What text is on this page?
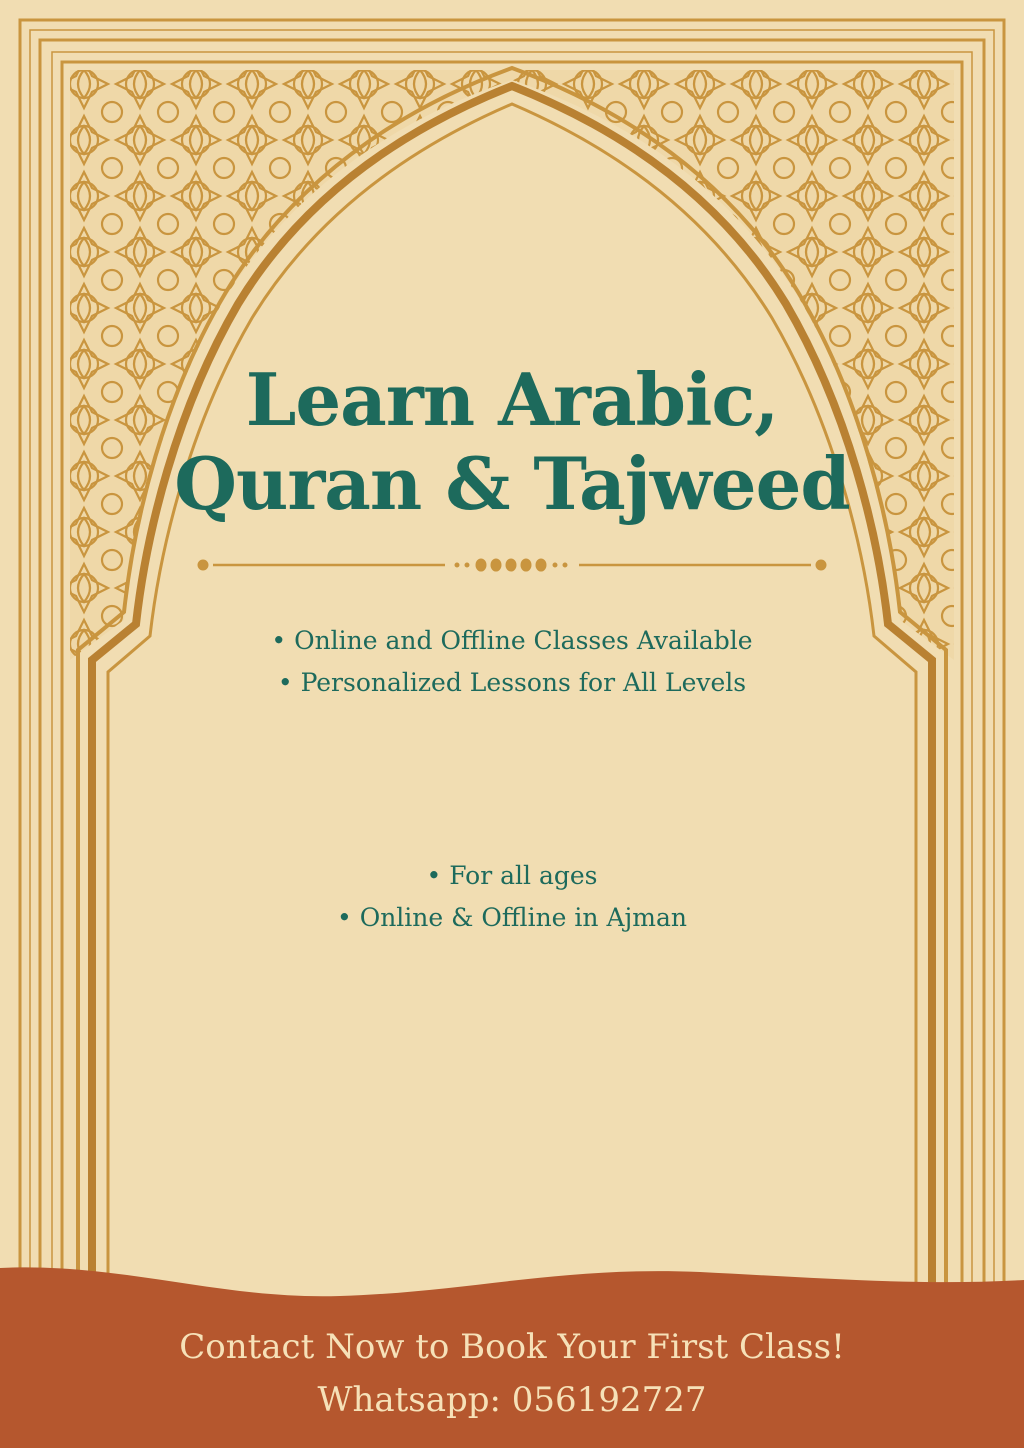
Learn Arabic,
Quran & Tajweed
• Online and Offline Classes Available
• Personalized Lessons for All Levels
• For all ages
• Online & Offline in Ajman
Contact Now to Book Your First Class!
Whatsapp: 056192727
